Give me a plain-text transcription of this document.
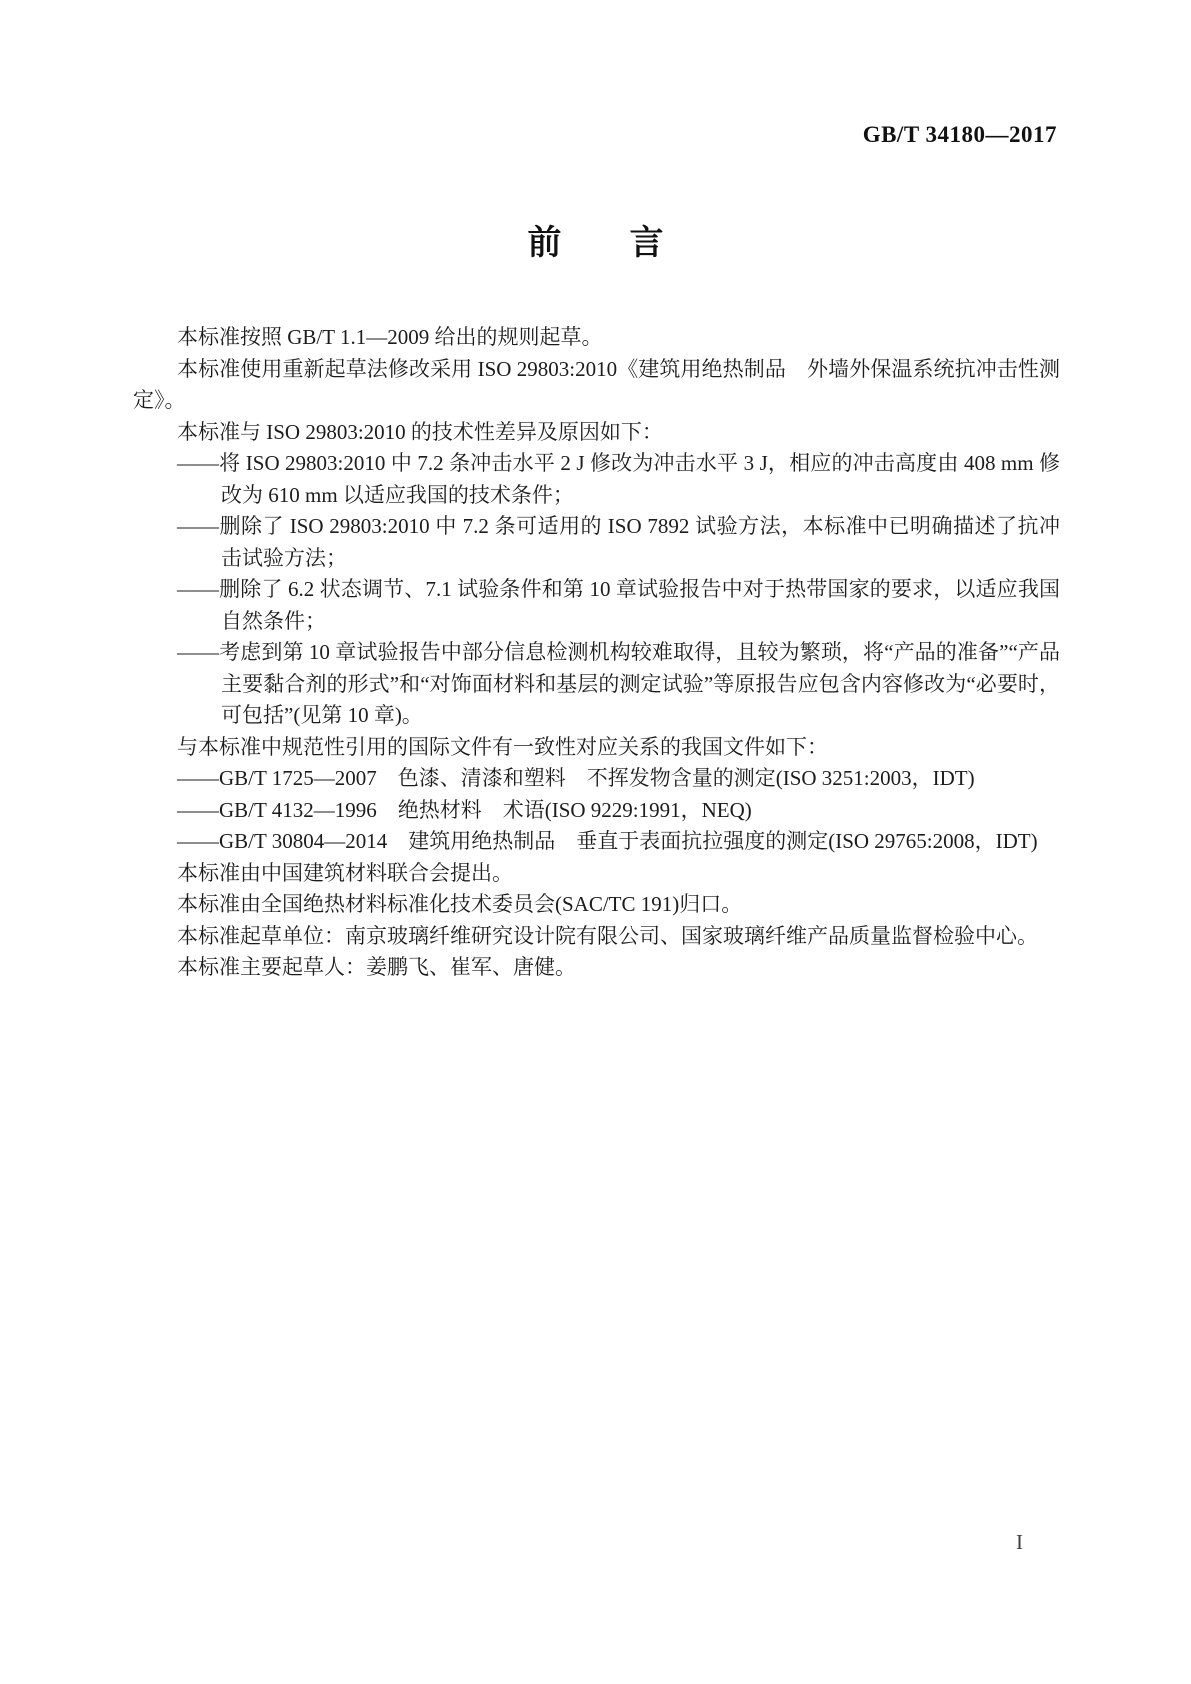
GB/T 34180—2017
前　　言

本标准按照 GB/T 1.1—2009 给出的规则起草。

本标准使用重新起草法修改采用 ISO 29803:2010《建筑用绝热制品　外墙外保温系统抗冲击性测定》。

本标准与 ISO 29803:2010 的技术性差异及原因如下：

——将 ISO 29803:2010 中 7.2 条冲击水平 2 J 修改为冲击水平 3 J，相应的冲击高度由 408 mm 修改为 610 mm 以适应我国的技术条件；

——删除了 ISO 29803:2010 中 7.2 条可适用的 ISO 7892 试验方法，本标准中已明确描述了抗冲击试验方法；

——删除了 6.2 状态调节、7.1 试验条件和第 10 章试验报告中对于热带国家的要求，以适应我国自然条件；

——考虑到第 10 章试验报告中部分信息检测机构较难取得，且较为繁琐，将“产品的准备”“产品主要黏合剂的形式”和“对饰面材料和基层的测定试验”等原报告应包含内容修改为“必要时，可包括”(见第 10 章)。

与本标准中规范性引用的国际文件有一致性对应关系的我国文件如下：

——GB/T 1725—2007　色漆、清漆和塑料　不挥发物含量的测定(ISO 3251:2003，IDT)

——GB/T 4132—1996　绝热材料　术语(ISO 9229:1991，NEQ)

——GB/T 30804—2014　建筑用绝热制品　垂直于表面抗拉强度的测定(ISO 29765:2008，IDT)

本标准由中国建筑材料联合会提出。

本标准由全国绝热材料标准化技术委员会(SAC/TC 191)归口。

本标准起草单位：南京玻璃纤维研究设计院有限公司、国家玻璃纤维产品质量监督检验中心。

本标准主要起草人：姜鹏飞、崔军、唐健。

I
